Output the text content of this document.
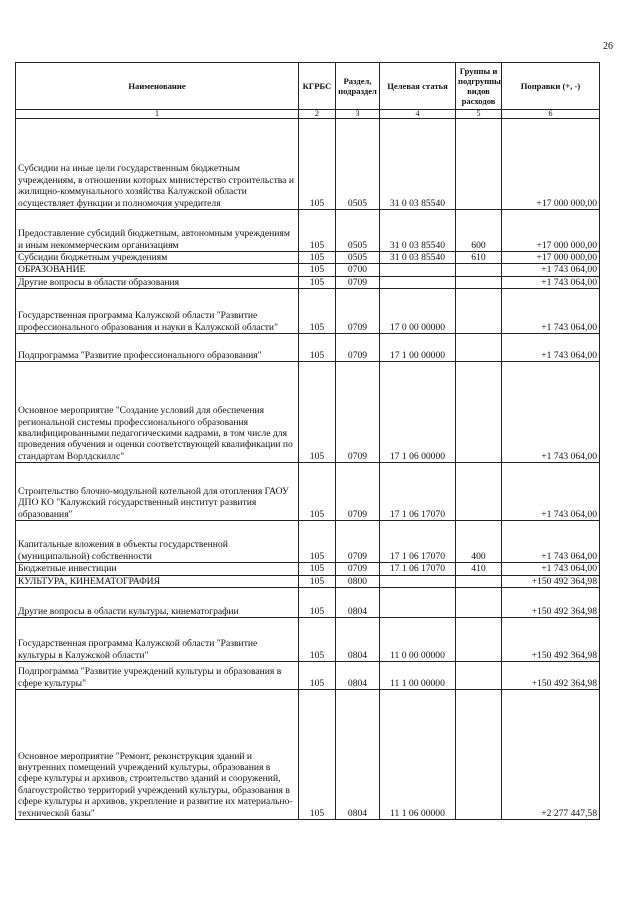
26
Наименование	КГРБС	Раздел, подраздел	Целевая статья	Группы и подгруппы видов расходов	Поправки (+, -)
1	2	3	4	5	6
Субсидии на иные цели государственным бюджетным учреждениям, в отношении которых министерство строительства и жилищно-коммунального хозяйства Калужской области осуществляет функции и полномочия учредителя	105	0505	31 0 03 85540		+17 000 000,00
Предоставление субсидий бюджетным, автономным учреждениям и иным некоммерческим организациям	105	0505	31 0 03 85540	600	+17 000 000,00
Субсидии бюджетным учреждениям	105	0505	31 0 03 85540	610	+17 000 000,00
ОБРАЗОВАНИЕ	105	0700			+1 743 064,00
Другие вопросы в области образования	105	0709			+1 743 064,00
Государственная программа Калужской области "Развитие профессионального образования и науки в Калужской области"	105	0709	17 0 00 00000		+1 743 064,00
Подпрограмма "Развитие профессионального образования"	105	0709	17 1 00 00000		+1 743 064,00
Основное мероприятие "Создание условий для обеспечения региональной системы профессионального образования квалифицированными педагогическими кадрами, в том числе для проведения обучения и оценки соответствующей квалификации по стандартам Ворлдскиллс"	105	0709	17 1 06 00000		+1 743 064,00
Строительство блочно-модульной котельной для отопления ГАОУ ДПО КО "Калужский государственный институт развития образования"	105	0709	17 1 06 17070		+1 743 064,00
Капитальные вложения в объекты государственной (муниципальной) собственности	105	0709	17 1 06 17070	400	+1 743 064,00
Бюджетные инвестиции	105	0709	17 1 06 17070	410	+1 743 064,00
КУЛЬТУРА, КИНЕМАТОГРАФИЯ	105	0800			+150 492 364,98
Другие вопросы в области культуры, кинематографии	105	0804			+150 492 364,98
Государственная программа Калужской области "Развитие культуры в Калужской области"	105	0804	11 0 00 00000		+150 492 364,98
Подпрограмма "Развитие учреждений культуры и образования в сфере культуры"	105	0804	11 1 00 00000		+150 492 364,98
Основное мероприятие "Ремонт, реконструкция зданий и внутренних помещений учреждений культуры, образования в сфере культуры и архивов, строительство зданий и сооружений, благоустройство территорий учреждений культуры, образования в сфере культуры и архивов, укрепление и развитие их материально-технической базы"	105	0804	11 1 06 00000		+2 277 447,58
